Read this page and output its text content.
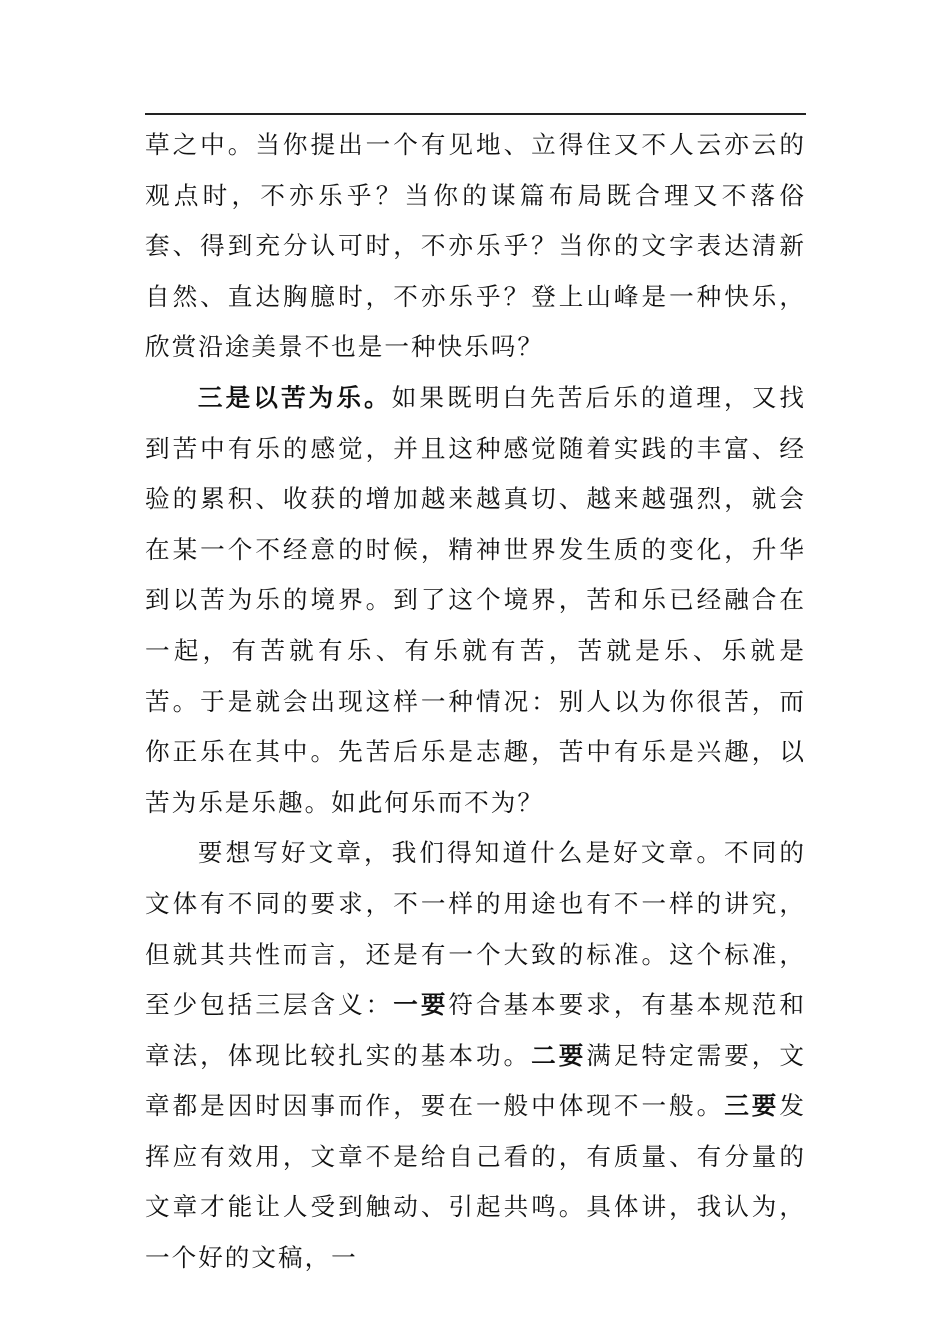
草之中。当你提出一个有见地、立得住又不人云亦云的观点时，不亦乐乎？当你的谋篇布局既合理又不落俗套、得到充分认可时，不亦乐乎？当你的文字表达清新自然、直达胸臆时，不亦乐乎？登上山峰是一种快乐，欣赏沿途美景不也是一种快乐吗？

三是以苦为乐。如果既明白先苦后乐的道理，又找到苦中有乐的感觉，并且这种感觉随着实践的丰富、经验的累积、收获的增加越来越真切、越来越强烈，就会在某一个不经意的时候，精神世界发生质的变化，升华到以苦为乐的境界。到了这个境界，苦和乐已经融合在一起，有苦就有乐、有乐就有苦，苦就是乐、乐就是苦。于是就会出现这样一种情况：别人以为你很苦，而你正乐在其中。先苦后乐是志趣，苦中有乐是兴趣，以苦为乐是乐趣。如此何乐而不为？

要想写好文章，我们得知道什么是好文章。不同的文体有不同的要求，不一样的用途也有不一样的讲究，但就其共性而言，还是有一个大致的标准。这个标准，至少包括三层含义：一要符合基本要求，有基本规范和章法，体现比较扎实的基本功。二要满足特定需要，文章都是因时因事而作，要在一般中体现不一般。三要发挥应有效用，文章不是给自己看的，有质量、有分量的文章才能让人受到触动、引起共鸣。具体讲，我认为，一个好的文稿，一
